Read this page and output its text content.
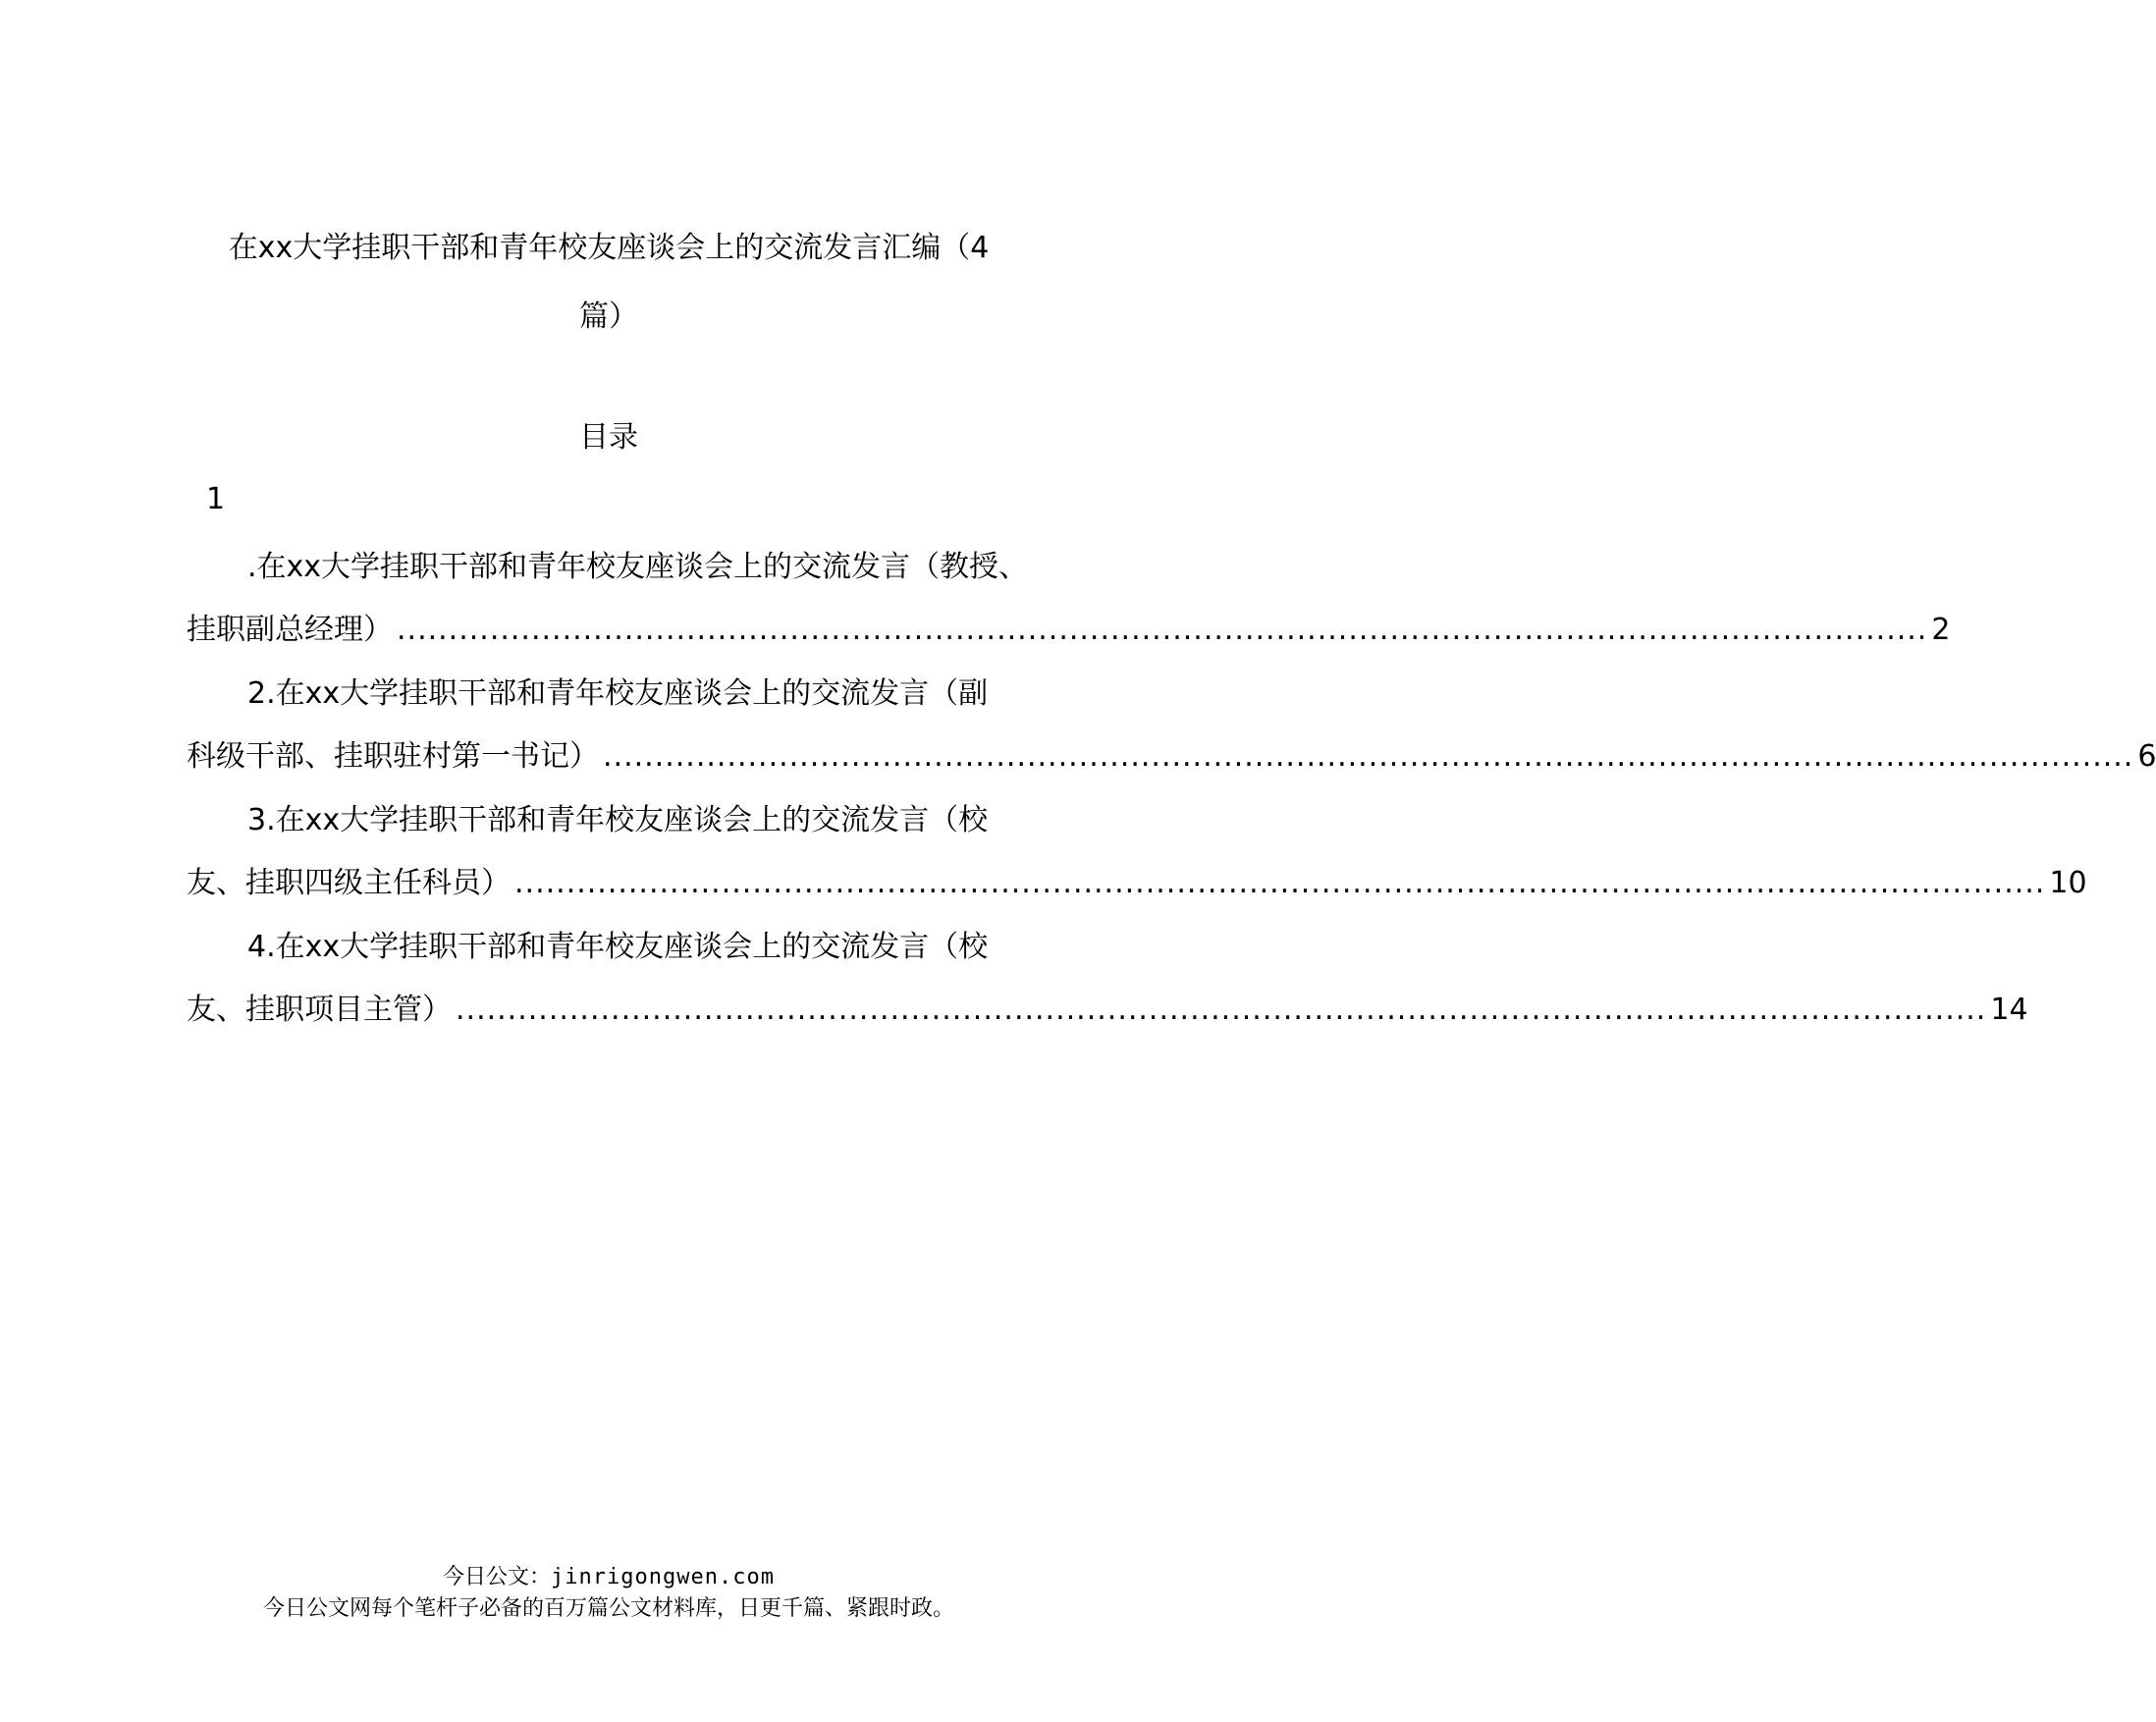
在xx大学挂职干部和青年校友座谈会上的交流发言汇编（4
篇）
目录
1
.在xx大学挂职干部和青年校友座谈会上的交流发言（教授、
挂职副总经理） .................................................................................................................................................... 2
2.在xx大学挂职干部和青年校友座谈会上的交流发言（副
科级干部、挂职驻村第一书记） .................................................................................................................................................... 6
3.在xx大学挂职干部和青年校友座谈会上的交流发言（校
友、挂职四级主任科员） .................................................................................................................................................... 10
4.在xx大学挂职干部和青年校友座谈会上的交流发言（校
友、挂职项目主管） .................................................................................................................................................... 14
今日公文：jinrigongwen.com
今日公文网每个笔杆子必备的百万篇公文材料库，日更千篇、紧跟时政。
